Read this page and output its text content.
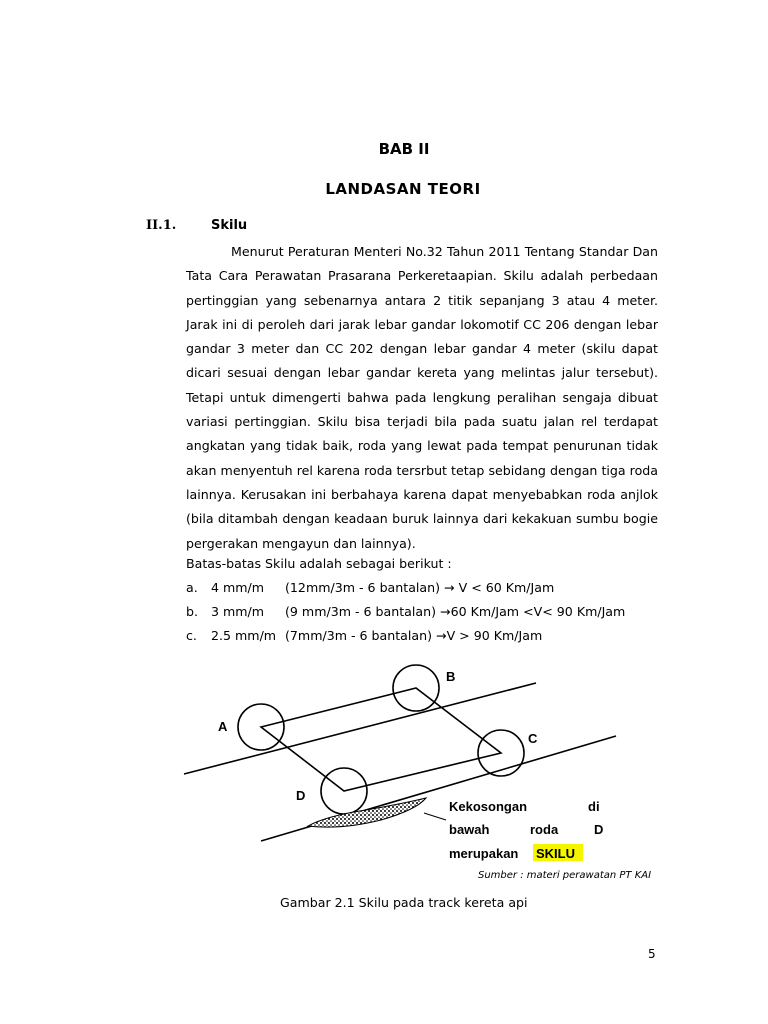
BAB II
LANDASAN TEORI
II.1.	Skilu

Menurut Peraturan Menteri No.32 Tahun 2011 Tentang Standar Dan Tata Cara Perawatan Prasarana Perkeretaapian. Skilu adalah perbedaan pertinggian yang sebenarnya antara 2 titik sepanjang 3 atau 4 meter. Jarak ini di peroleh dari jarak lebar gandar lokomotif CC 206 dengan lebar gandar 3 meter dan CC 202 dengan lebar gandar 4 meter (skilu dapat dicari sesuai dengan lebar gandar kereta yang melintas jalur tersebut). Tetapi untuk dimengerti bahwa pada lengkung peralihan sengaja dibuat variasi pertinggian. Skilu bisa terjadi bila pada suatu jalan rel terdapat angkatan yang tidak baik, roda yang lewat pada tempat penurunan tidak akan menyentuh rel karena roda tersrbut tetap sebidang dengan tiga roda lainnya. Kerusakan ini berbahaya karena dapat menyebabkan roda anjlok (bila ditambah dengan keadaan buruk lainnya dari kekakuan sumbu bogie pergerakan mengayun dan lainnya).

Batas-batas Skilu adalah sebagai berikut :
a. 4 mm/m (12mm/3m - 6 bantalan) → V < 60 Km/Jam
b. 3 mm/m (9 mm/3m - 6 bantalan) →60 Km/Jam <V< 90 Km/Jam
c. 2.5 mm/m (7mm/3m - 6 bantalan) →V > 90 Km/Jam
A
B
C
D
Kekosongan	di
bawah	roda	D
merupakan SKILU
Sumber : materi perawatan PT KAI
Gambar 2.1 Skilu pada track kereta api
5
